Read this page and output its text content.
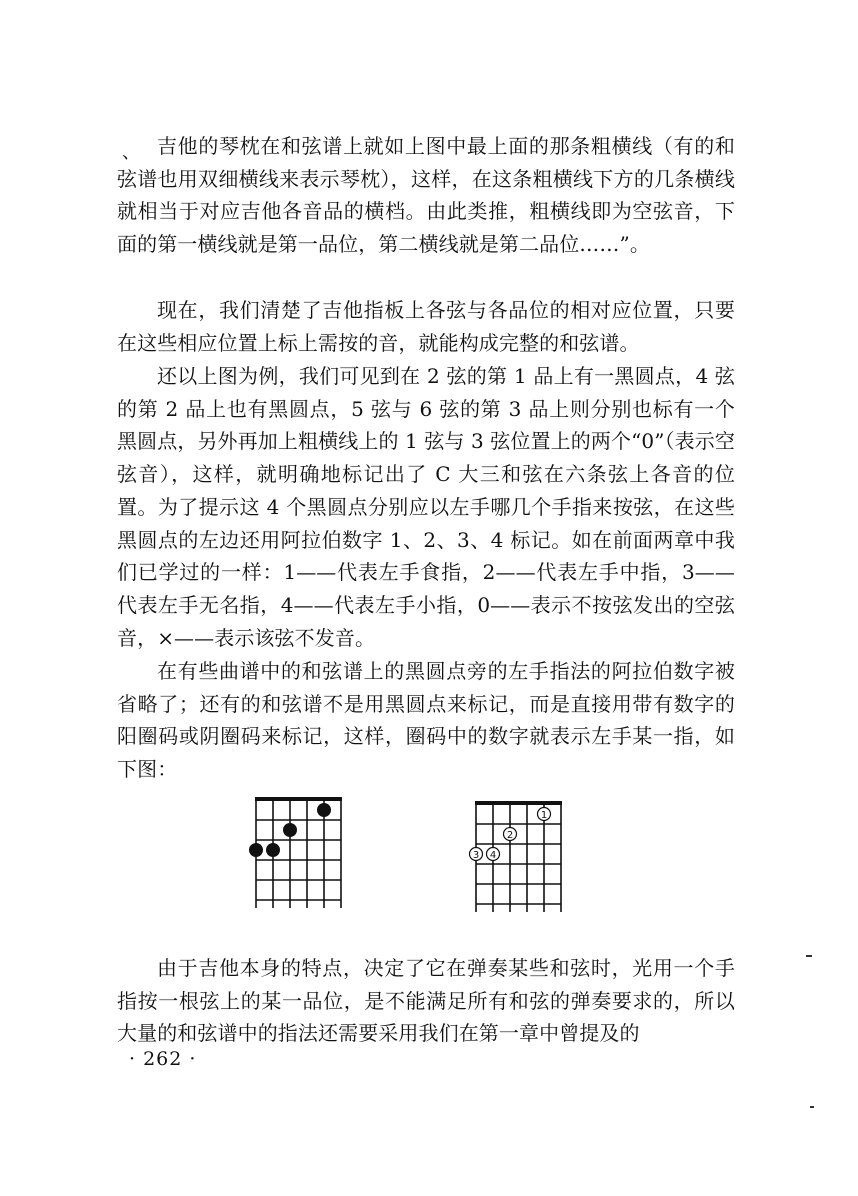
、 吉他的琴枕在和弦谱上就如上图中最上面的那条粗横线（有的和弦谱也用双细横线来表示琴枕），这样，在这条粗横线下方的几条横线就相当于对应吉他各音品的横档。由此类推，粗横线即为空弦音，下面的第一横线就是第一品位，第二横线就是第二品位……”。

现在，我们清楚了吉他指板上各弦与各品位的相对应位置，只要在这些相应位置上标上需按的音，就能构成完整的和弦谱。

还以上图为例，我们可见到在 2 弦的第 1 品上有一黑圆点，4 弦的第 2 品上也有黑圆点，5 弦与 6 弦的第 3 品上则分别也标有一个黑圆点，另外再加上粗横线上的 1 弦与 3 弦位置上的两个“0”（表示空弦音），这样，就明确地标记出了 C 大三和弦在六条弦上各音的位置。为了提示这 4 个黑圆点分别应以左手哪几个手指来按弦，在这些黑圆点的左边还用阿拉伯数字 1、2、3、4 标记。如在前面两章中我们已学过的一样：1——代表左手食指，2——代表左手中指，3——代表左手无名指，4——代表左手小指，0——表示不按弦发出的空弦音，×——表示该弦不发音。

在有些曲谱中的和弦谱上的黑圆点旁的左手指法的阿拉伯数字被省略了；还有的和弦谱不是用黑圆点来标记，而是直接用带有数字的阳圈码或阴圈码来标记，这样，圈码中的数字就表示左手某一指，如下图：

1
2
3 4

由于吉他本身的特点，决定了它在弹奏某些和弦时，光用一个手指按一根弦上的某一品位，是不能满足所有和弦的弹奏要求的，所以大量的和弦谱中的指法还需要采用我们在第一章中曾提及的

· 262 ·
